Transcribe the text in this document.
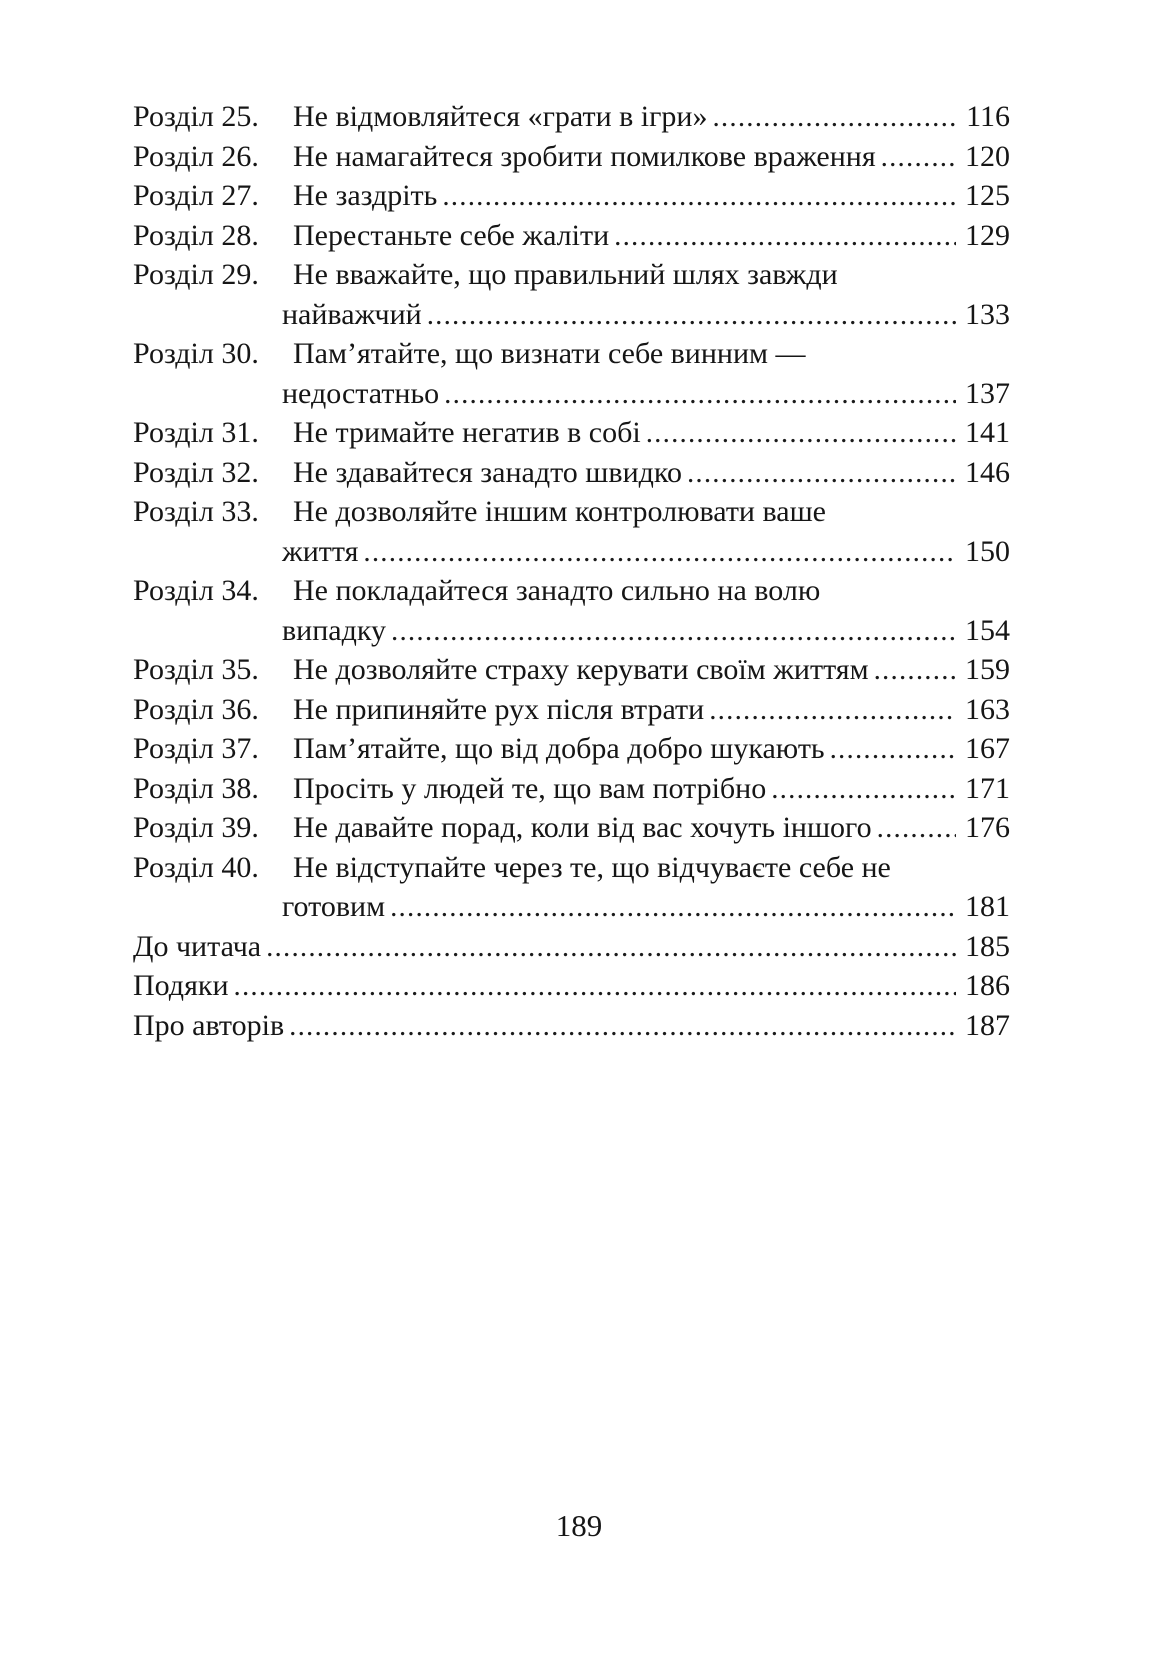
Розділ 25.	Не відмовляйтеся «грати в ігри» .....	116
Розділ 26.	Не намагайтеся зробити помилкове враження .....	120
Розділ 27.	Не заздріть .....	125
Розділ 28.	Перестаньте себе жаліти .....	129
Розділ 29.	Не вважайте, що правильний шлях завжди
найважчий .....	133
Розділ 30.	Пам’ятайте, що визнати себе винним —
недостатньо .....	137
Розділ 31.	Не тримайте негатив в собі .....	141
Розділ 32.	Не здавайтеся занадто швидко .....	146
Розділ 33.	Не дозволяйте іншим контролювати ваше
життя .....	150
Розділ 34.	Не покладайтеся занадто сильно на волю
випадку .....	154
Розділ 35.	Не дозволяйте страху керувати своїм життям .....	159
Розділ 36.	Не припиняйте рух після втрати .....	163
Розділ 37.	Пам’ятайте, що від добра добро шукають .....	167
Розділ 38.	Просіть у людей те, що вам потрібно .....	171
Розділ 39.	Не давайте порад, коли від вас хочуть іншого .....	176
Розділ 40.	Не відступайте через те, що відчуваєте себе не
готовим .....	181
До читача .....	185
Подяки .....	186
Про авторів .....	187
189
